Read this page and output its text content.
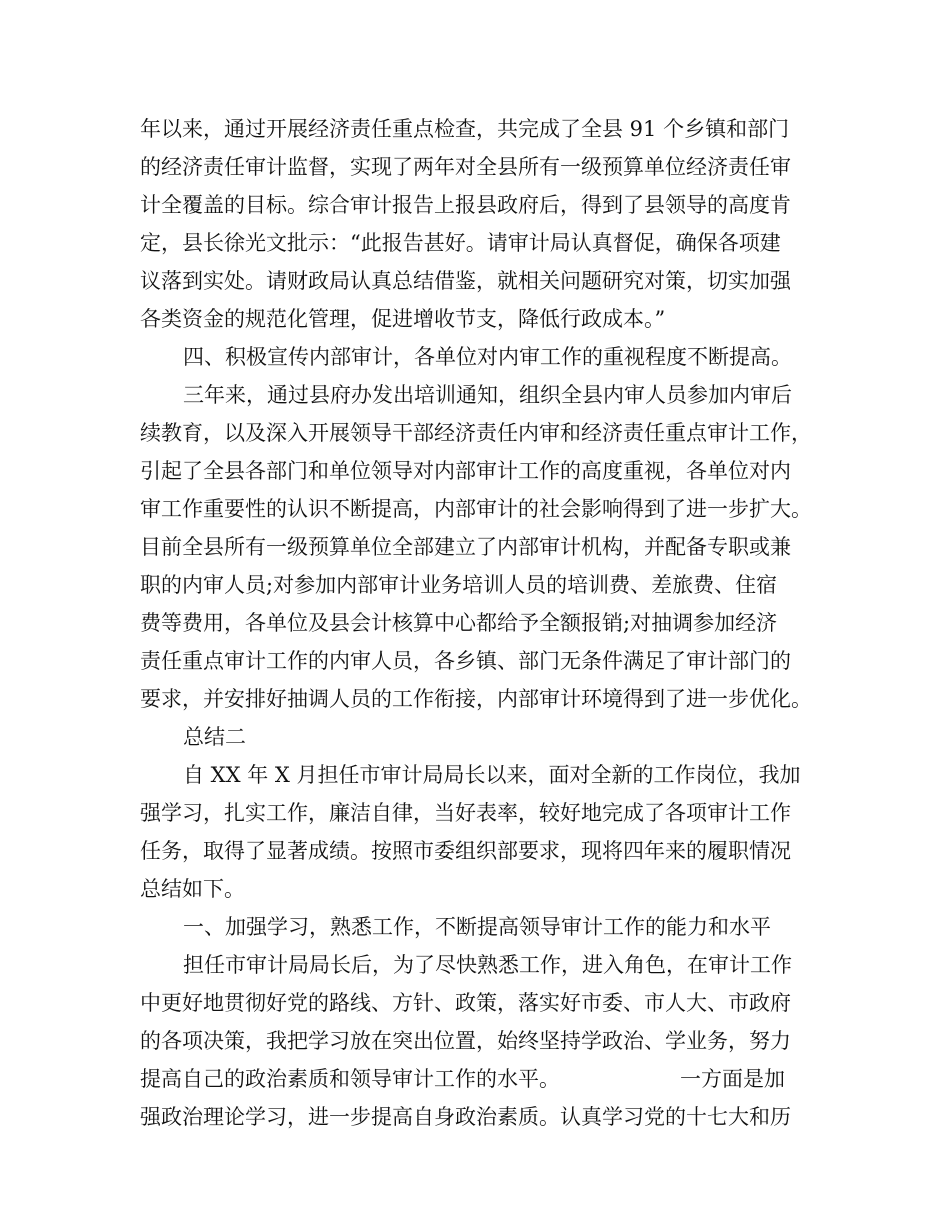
年以来，通过开展经济责任重点检查，共完成了全县 91 个乡镇和部门
的经济责任审计监督，实现了两年对全县所有一级预算单位经济责任审
计全覆盖的目标。综合审计报告上报县政府后，得到了县领导的高度肯
定，县长徐光文批示：“此报告甚好。请审计局认真督促，确保各项建
议落到实处。请财政局认真总结借鉴，就相关问题研究对策，切实加强
各类资金的规范化管理，促进增收节支，降低行政成本。”
四、积极宣传内部审计，各单位对内审工作的重视程度不断提高。
三年来，通过县府办发出培训通知，组织全县内审人员参加内审后
续教育，以及深入开展领导干部经济责任内审和经济责任重点审计工作，
引起了全县各部门和单位领导对内部审计工作的高度重视，各单位对内
审工作重要性的认识不断提高，内部审计的社会影响得到了进一步扩大。
目前全县所有一级预算单位全部建立了内部审计机构，并配备专职或兼
职的内审人员;对参加内部审计业务培训人员的培训费、差旅费、住宿
费等费用，各单位及县会计核算中心都给予全额报销;对抽调参加经济
责任重点审计工作的内审人员，各乡镇、部门无条件满足了审计部门的
要求，并安排好抽调人员的工作衔接，内部审计环境得到了进一步优化。
总结二
自 XX 年 X 月担任市审计局局长以来，面对全新的工作岗位，我加
强学习，扎实工作，廉洁自律，当好表率，较好地完成了各项审计工作
任务，取得了显著成绩。按照市委组织部要求，现将四年来的履职情况
总结如下。
一、加强学习，熟悉工作，不断提高领导审计工作的能力和水平
担任市审计局局长后，为了尽快熟悉工作，进入角色，在审计工作
中更好地贯彻好党的路线、方针、政策，落实好市委、市人大、市政府
的各项决策，我把学习放在突出位置，始终坚持学政治、学业务，努力
提高自己的政治素质和领导审计工作的水平。	一方面是加
强政治理论学习，进一步提高自身政治素质。认真学习党的十七大和历
